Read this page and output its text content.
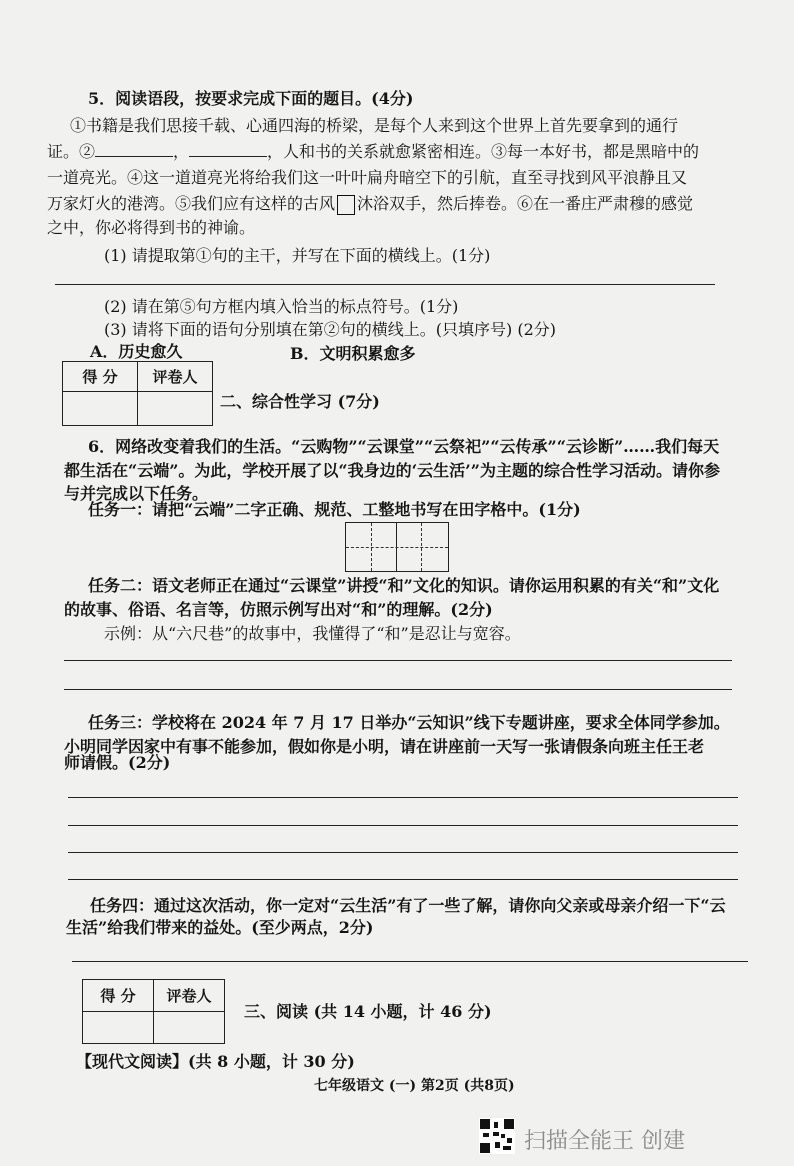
5．阅读语段，按要求完成下面的题目。(4分)
①书籍是我们思接千载、心通四海的桥梁，是每个人来到这个世界上首先要拿到的通行
证。②	，	，人和书的关系就愈紧密相连。③每一本好书，都是黑暗中的
一道亮光。④这一道道亮光将给我们这一叶叶扁舟暗空下的引航，直至寻找到风平浪静且又
万家灯火的港湾。⑤我们应有这样的古风 沐浴双手，然后捧卷。⑥在一番庄严肃穆的感觉
之中，你必将得到书的神谕。
(1) 请提取第①句的主干，并写在下面的横线上。(1分)
(2) 请在第⑤句方框内填入恰当的标点符号。(1分)
(3) 请将下面的语句分别填在第②句的横线上。(只填序号) (2分)
A．历史愈久	B．文明积累愈多
得 分	评卷人

二、综合性学习 (7分)
6．网络改变着我们的生活。“云购物”“云课堂”“云祭祀”“云传承”“云诊断”……我们每天
都生活在“云端”。为此，学校开展了以“我身边的‘云生活’”为主题的综合性学习活动。请你参
与并完成以下任务。
任务一：请把“云端”二字正确、规范、工整地书写在田字格中。(1分)
任务二：语文老师正在通过“云课堂”讲授“和”文化的知识。请你运用积累的有关“和”文化
的故事、俗语、名言等，仿照示例写出对“和”的理解。(2分)
示例：从“六尺巷”的故事中，我懂得了“和”是忍让与宽容。
任务三：学校将在 2024 年 7 月 17 日举办“云知识”线下专题讲座，要求全体同学参加。
小明同学因家中有事不能参加，假如你是小明，请在讲座前一天写一张请假条向班主任王老
师请假。(2分)
任务四：通过这次活动，你一定对“云生活”有了一些了解，请你向父亲或母亲介绍一下“云
生活”给我们带来的益处。(至少两点，2分)
得 分	评卷人

三、阅读 (共 14 小题，计 46 分)
【现代文阅读】(共 8 小题，计 30 分)
七年级语文 (一) 第2页 (共8页)
扫描全能王 创建
